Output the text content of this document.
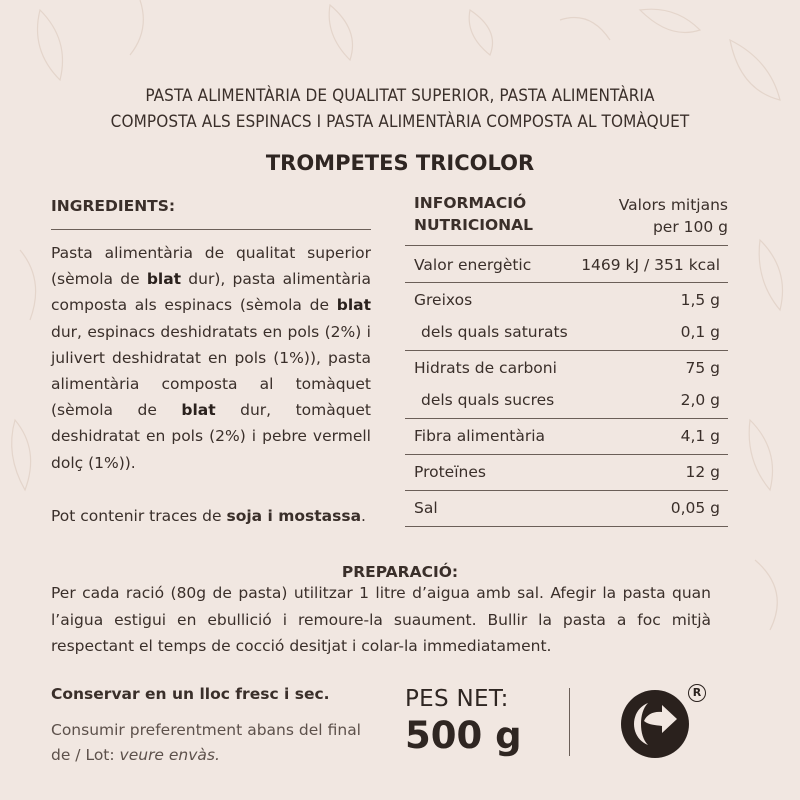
PASTA ALIMENTÀRIA DE QUALITAT SUPERIOR, PASTA ALIMENTÀRIA
COMPOSTA ALS ESPINACS I PASTA ALIMENTÀRIA COMPOSTA AL TOMÀQUET
TROMPETES TRICOLOR
INGREDIENTS:
Pasta alimentària de qualitat superior (sèmola de blat dur), pasta alimentària composta als espinacs (sèmola de blat dur, espinacs deshidratats en pols (2%) i julivert deshidratat en pols (1%)), pasta alimentària composta al tomàquet (sèmola de blat dur, tomàquet deshidratat en pols (2%) i pebre vermell dolç (1%)).
Pot contenir traces de soja i mostassa.
INFORMACIÓ
NUTRICIONAL
Valors mitjans
per 100 g
Valor energètic	1469 kJ / 351 kcal
Greixos	1,5 g
dels quals saturats	0,1 g
Hidrats de carboni	75 g
dels quals sucres	2,0 g
Fibra alimentària	4,1 g
Proteïnes	12 g
Sal	0,05 g
PREPARACIÓ:
Per cada ració (80g de pasta) utilitzar 1 litre d’aigua amb sal. Afegir la pasta quan l’aigua estigui en ebullició i remoure-la suaument. Bullir la pasta a foc mitjà respectant el temps de cocció desitjat i colar-la immediatament.
Conservar en un lloc fresc i sec.
Consumir preferentment abans del final de / Lot: veure envàs.
PES NET:
500 g
R
